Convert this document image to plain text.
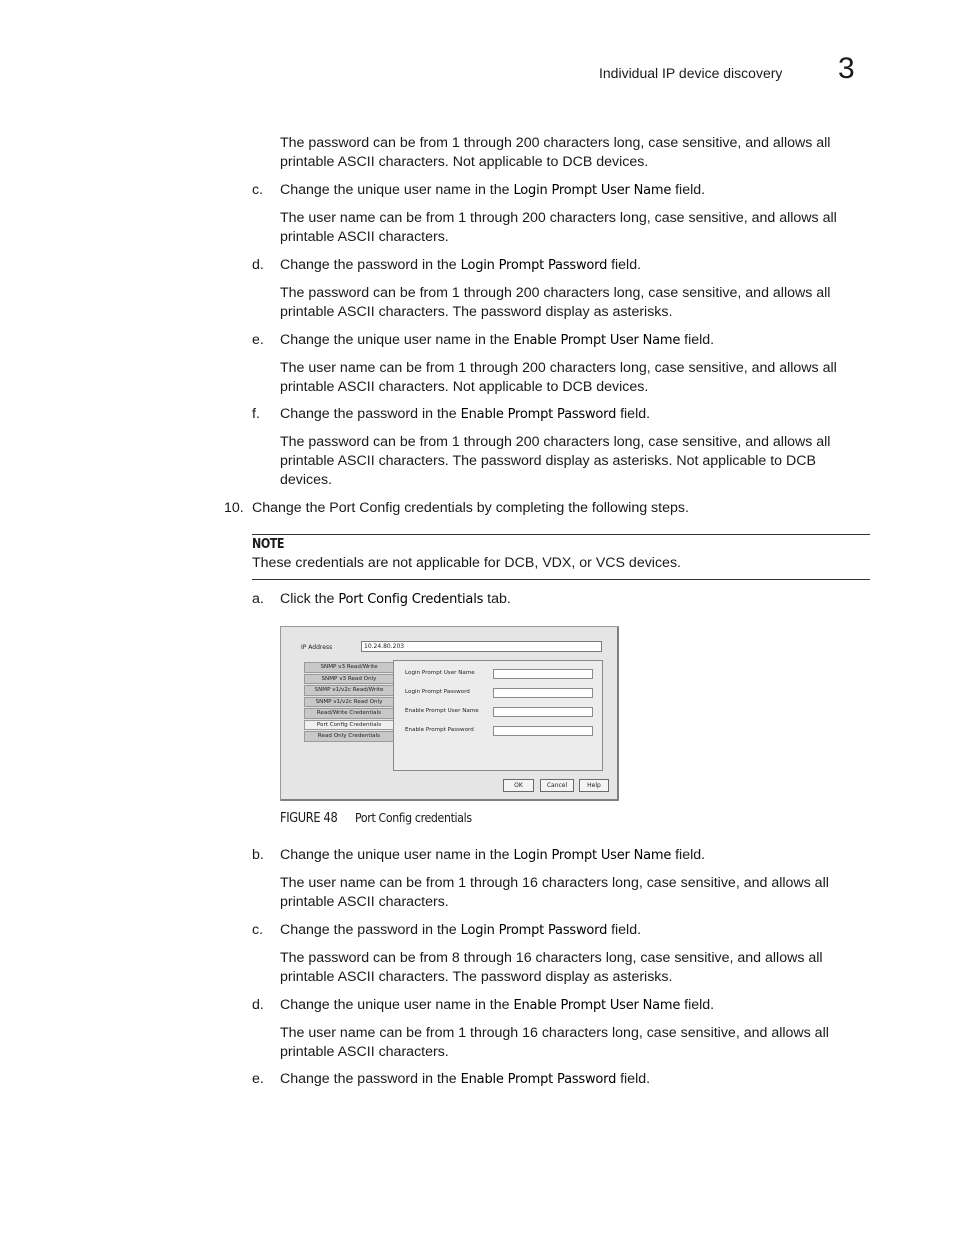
Individual IP device discovery 3
The password can be from 1 through 200 characters long, case sensitive, and allows all
printable ASCII characters. Not applicable to DCB devices.
c. Change the unique user name in the Login Prompt User Name field.
The user name can be from 1 through 200 characters long, case sensitive, and allows all
printable ASCII characters.
d. Change the password in the Login Prompt Password field.
The password can be from 1 through 200 characters long, case sensitive, and allows all
printable ASCII characters. The password display as asterisks.
e. Change the unique user name in the Enable Prompt User Name field.
The user name can be from 1 through 200 characters long, case sensitive, and allows all
printable ASCII characters. Not applicable to DCB devices.
f. Change the password in the Enable Prompt Password field.
The password can be from 1 through 200 characters long, case sensitive, and allows all
printable ASCII characters. The password display as asterisks. Not applicable to DCB
devices.
10. Change the Port Config credentials by completing the following steps.
NOTE
These credentials are not applicable for DCB, VDX, or VCS devices.
a. Click the Port Config Credentials tab.
IP Address	10.24.80.203
SNMP v3 Read/Write
SNMP v3 Read Only
SNMP v1/v2c Read/Write
SNMP v1/v2c Read Only
Read/Write Credentials
Port Config Credentials
Read Only Credentials
Login Prompt User Name
Login Prompt Password
Enable Prompt User Name
Enable Prompt Password
OK	Cancel	Help
FIGURE 48 Port Config credentials
b. Change the unique user name in the Login Prompt User Name field.
The user name can be from 1 through 16 characters long, case sensitive, and allows all
printable ASCII characters.
c. Change the password in the Login Prompt Password field.
The password can be from 8 through 16 characters long, case sensitive, and allows all
printable ASCII characters. The password display as asterisks.
d. Change the unique user name in the Enable Prompt User Name field.
The user name can be from 1 through 16 characters long, case sensitive, and allows all
printable ASCII characters.
e. Change the password in the Enable Prompt Password field.
